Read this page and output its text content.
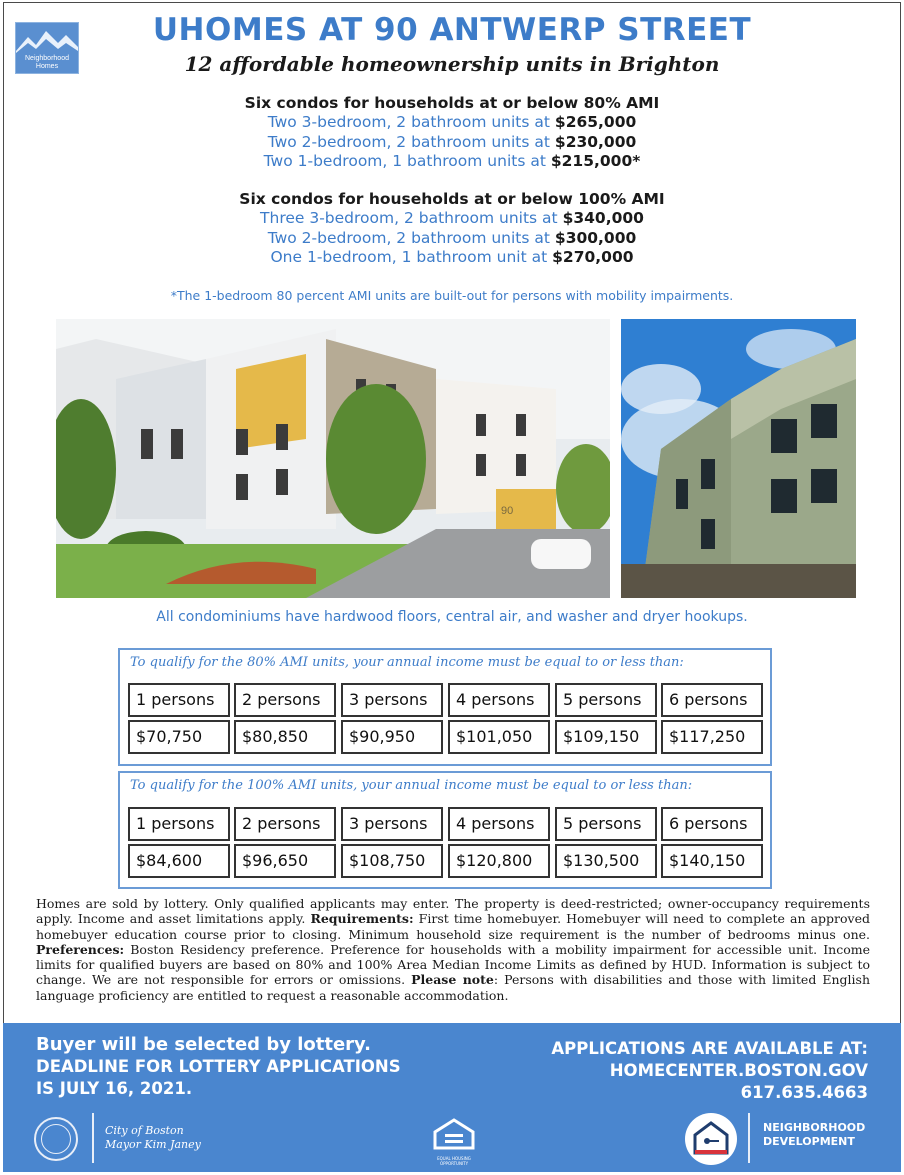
Neighborhood Homes
UHOMES AT 90 ANTWERP STREET
12 affordable homeownership units in Brighton
Six condos for households at or below 80% AMI
Two 3-bedroom, 2 bathroom units at $265,000
Two 2-bedroom, 2 bathroom units at $230,000
Two 1-bedroom, 1 bathroom units at $215,000*
Six condos for households at or below 100% AMI
Three 3-bedroom, 2 bathroom units at $340,000
Two 2-bedroom, 2 bathroom units at $300,000
One 1-bedroom, 1 bathroom unit at $270,000
*The 1-bedroom 80 percent AMI units are built-out for persons with mobility impairments.
90
All condominiums have hardwood floors, central air, and washer and dryer hookups.
To qualify for the 80% AMI units, your annual income must be equal to or less than:
1 persons	2 persons	3 persons	4 persons	5 persons	6 persons
$70,750	$80,850	$90,950	$101,050	$109,150	$117,250
To qualify for the 100% AMI units, your annual income must be equal to or less than:
1 persons	2 persons	3 persons	4 persons	5 persons	6 persons
$84,600	$96,650	$108,750	$120,800	$130,500	$140,150
Homes are sold by lottery. Only qualified applicants may enter. The property is deed-restricted; owner-occupancy requirements apply. Income and asset limitations apply. Requirements: First time homebuyer. Homebuyer will need to complete an approved homebuyer education course prior to closing. Minimum household size requirement is the number of bedrooms minus one. Preferences: Boston Residency preference. Preference for households with a mobility impairment for accessible unit. Income limits for qualified buyers are based on 80% and 100% Area Median Income Limits as defined by HUD. Information is subject to change. We are not responsible for errors or omissions. Please note: Persons with disabilities and those with limited English language proficiency are entitled to request a reasonable accommodation.
Buyer will be selected by lottery.
DEADLINE FOR LOTTERY APPLICATIONS
IS JULY 16, 2021.
APPLICATIONS ARE AVAILABLE AT:
HOMECENTER.BOSTON.GOV
617.635.4663
City of Boston
Mayor Kim Janey
EQUAL HOUSING OPPORTUNITY
NEIGHBORHOOD
DEVELOPMENT
